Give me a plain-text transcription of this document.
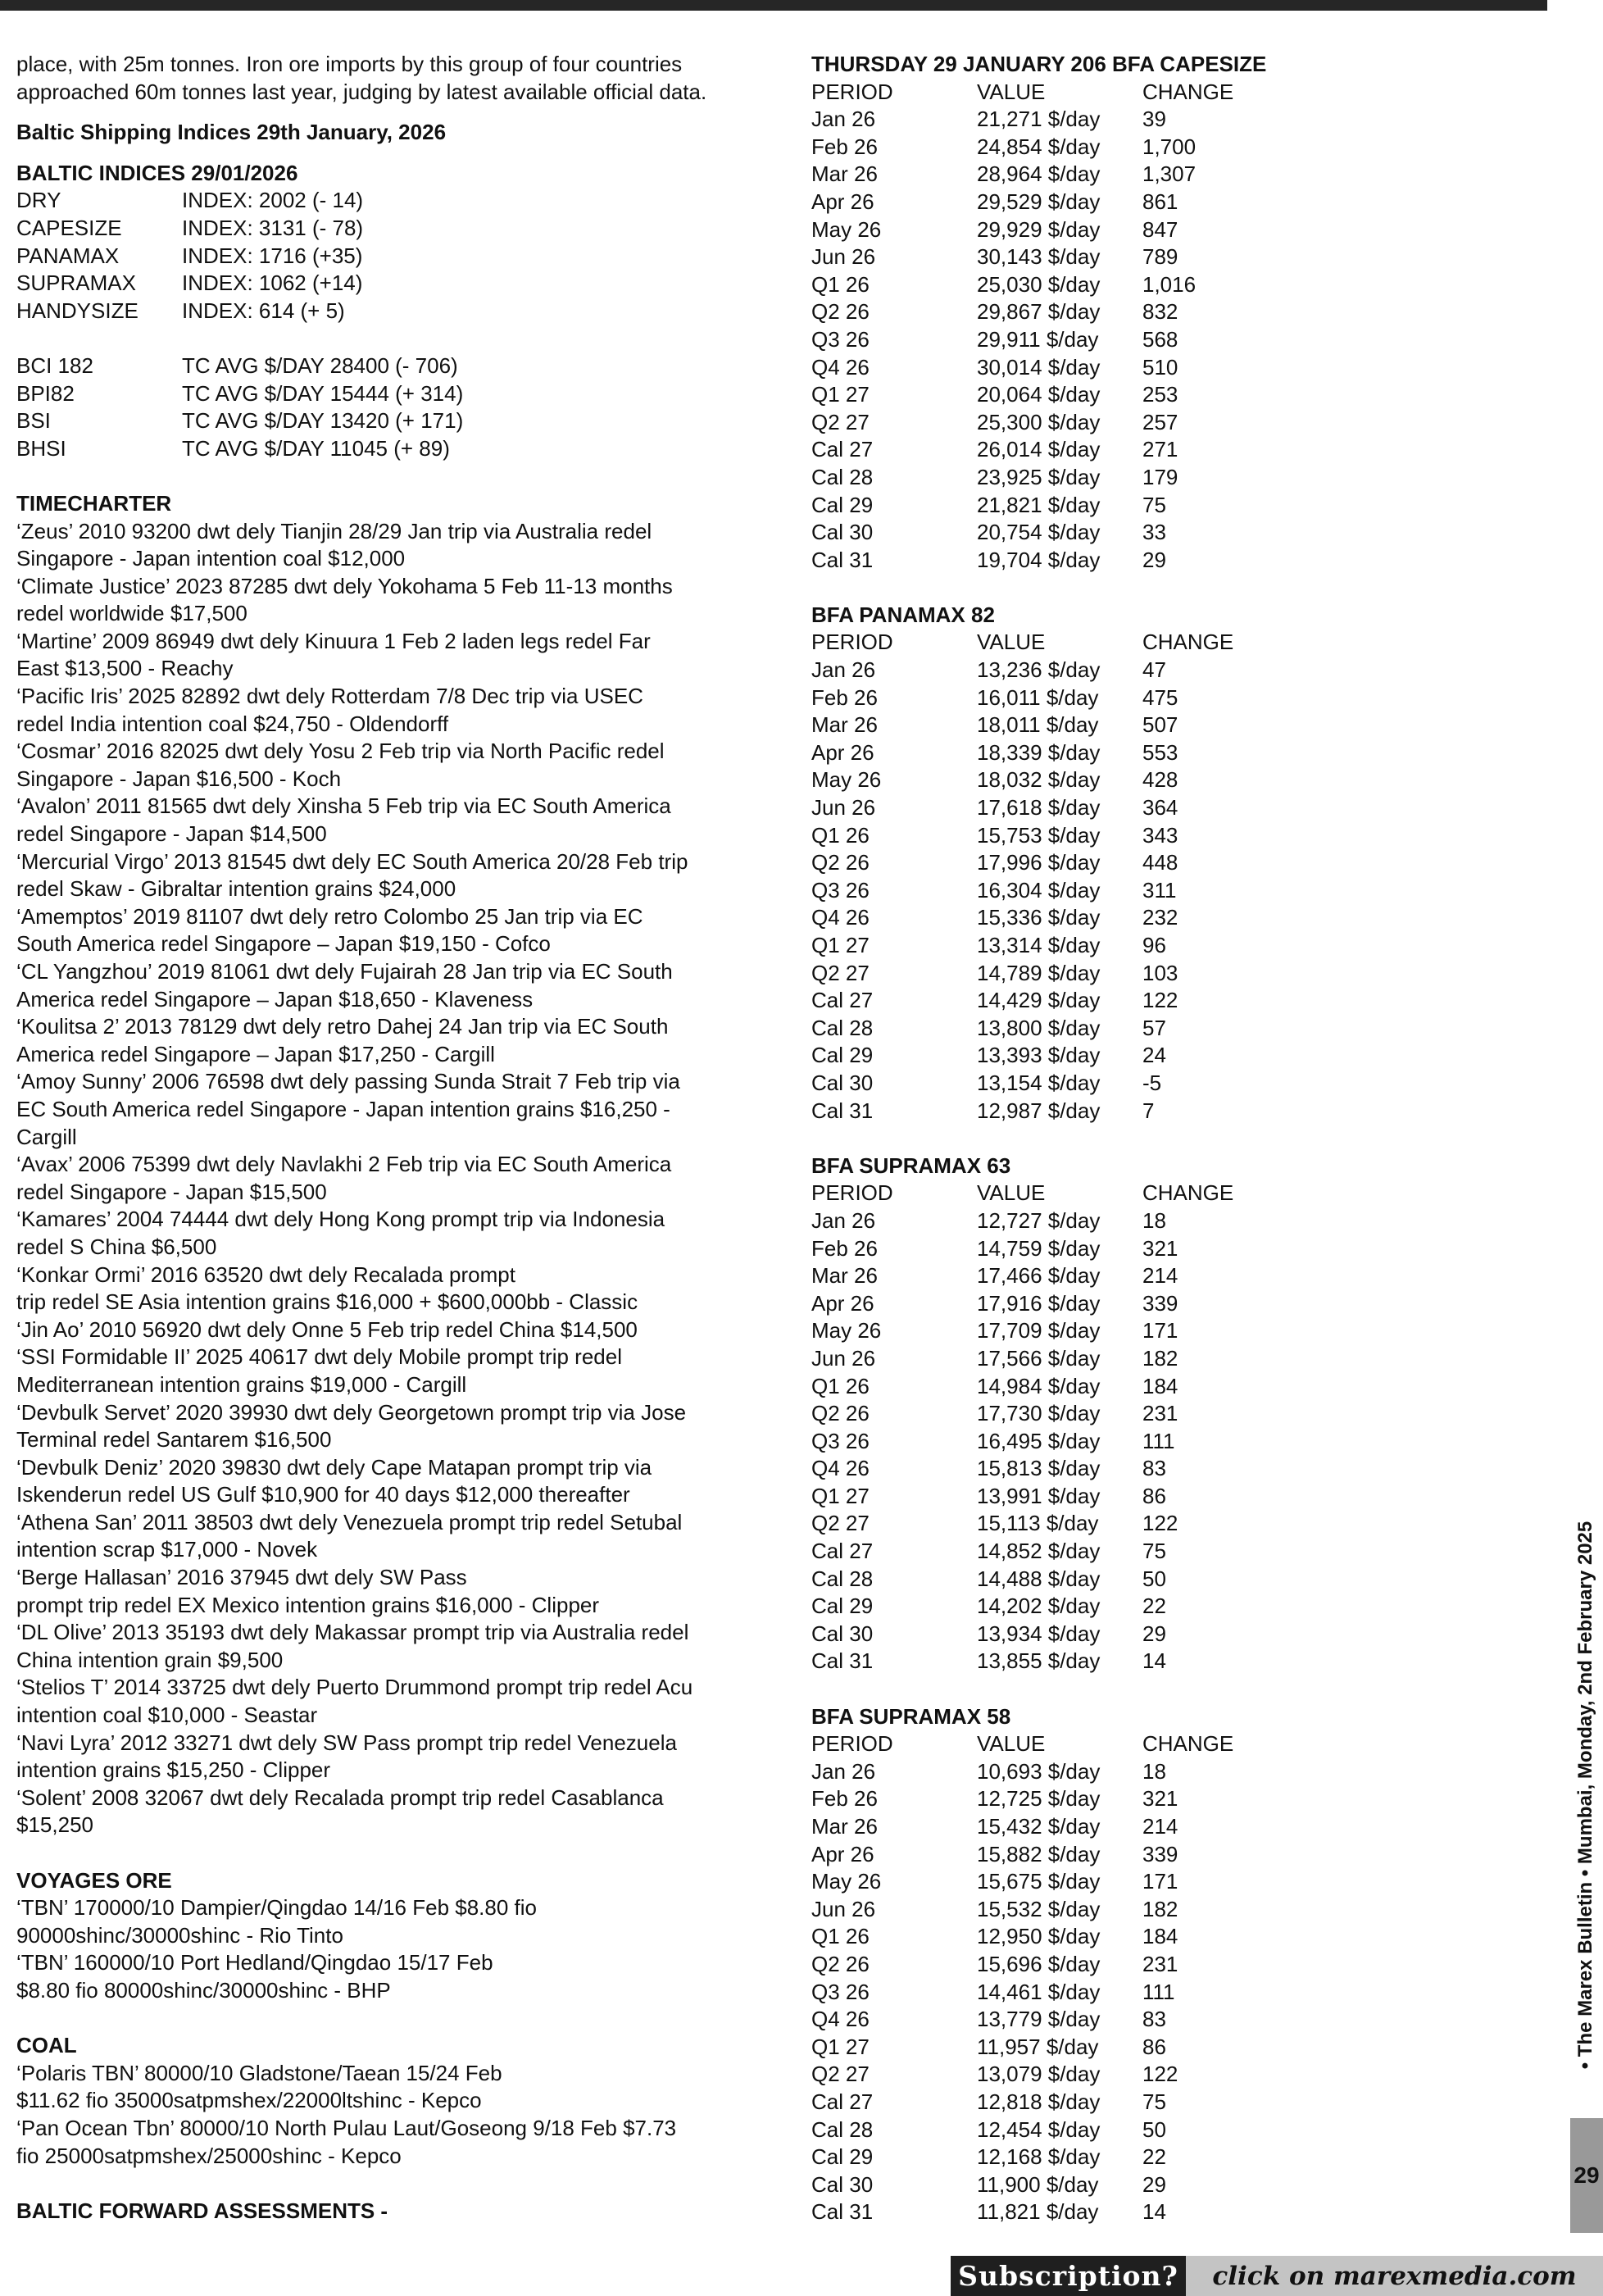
place, with 25m tonnes. Iron ore imports by this group of four countries

approached 60m tonnes last year, judging by latest available official data.

Baltic Shipping Indices 29th January, 2026

BALTIC INDICES 29/01/2026

DRY	INDEX: 2002 (- 14)
CAPESIZE	INDEX: 3131 (- 78)
PANAMAX	INDEX: 1716 (+35)
SUPRAMAX	INDEX: 1062 (+14)
HANDYSIZE	INDEX: 614 (+ 5)
BCI 182	TC AVG $/DAY 28400 (- 706)
BPI82	TC AVG $/DAY 15444 (+ 314)
BSI	TC AVG $/DAY 13420 (+ 171)
BHSI	TC AVG $/DAY 11045 (+ 89)

TIMECHARTER

‘Zeus’ 2010 93200 dwt dely Tianjin 28/29 Jan trip via Australia redel

Singapore - Japan intention coal $12,000

‘Climate Justice’ 2023 87285 dwt dely Yokohama 5 Feb 11-13 months

redel worldwide $17,500

‘Martine’ 2009 86949 dwt dely Kinuura 1 Feb 2 laden legs redel Far

East $13,500 - Reachy

‘Pacific Iris’ 2025 82892 dwt dely Rotterdam 7/8 Dec trip via USEC

redel India intention coal $24,750 - Oldendorff

‘Cosmar’ 2016 82025 dwt dely Yosu 2 Feb trip via North Pacific redel

Singapore - Japan $16,500 - Koch

‘Avalon’ 2011 81565 dwt dely Xinsha 5 Feb trip via EC South America

redel Singapore - Japan $14,500

‘Mercurial Virgo’ 2013 81545 dwt dely EC South America 20/28 Feb trip

redel Skaw - Gibraltar intention grains $24,000

‘Amemptos’ 2019 81107 dwt dely retro Colombo 25 Jan trip via EC

South America redel Singapore – Japan $19,150 - Cofco

‘CL Yangzhou’ 2019 81061 dwt dely Fujairah 28 Jan trip via EC South

America redel Singapore – Japan $18,650 - Klaveness

‘Koulitsa 2’ 2013 78129 dwt dely retro Dahej 24 Jan trip via EC South

America redel Singapore – Japan $17,250 - Cargill

‘Amoy Sunny’ 2006 76598 dwt dely passing Sunda Strait 7 Feb trip via

EC South America redel Singapore - Japan intention grains $16,250 -

Cargill

‘Avax’ 2006 75399 dwt dely Navlakhi 2 Feb trip via EC South America

redel Singapore - Japan $15,500

‘Kamares’ 2004 74444 dwt dely Hong Kong prompt trip via Indonesia

redel S China $6,500

‘Konkar Ormi’ 2016 63520 dwt dely Recalada prompt

trip redel SE Asia intention grains $16,000 + $600,000bb - Classic

‘Jin Ao’ 2010 56920 dwt dely Onne 5 Feb trip redel China $14,500

‘SSI Formidable II’ 2025 40617 dwt dely Mobile prompt trip redel

Mediterranean intention grains $19,000 - Cargill

‘Devbulk Servet’ 2020 39930 dwt dely Georgetown prompt trip via Jose

Terminal redel Santarem $16,500

‘Devbulk Deniz’ 2020 39830 dwt dely Cape Matapan prompt trip via

Iskenderun redel US Gulf $10,900 for 40 days $12,000 thereafter

‘Athena San’ 2011 38503 dwt dely Venezuela prompt trip redel Setubal

intention scrap $17,000 - Novek

‘Berge Hallasan’ 2016 37945 dwt dely SW Pass

prompt trip redel EX Mexico intention grains $16,000 - Clipper

‘DL Olive’ 2013 35193 dwt dely Makassar prompt trip via Australia redel

China intention grain $9,500

‘Stelios T’ 2014 33725 dwt dely Puerto Drummond prompt trip redel Acu

intention coal $10,000 - Seastar

‘Navi Lyra’ 2012 33271 dwt dely SW Pass prompt trip redel Venezuela

intention grains $15,250 - Clipper

‘Solent’ 2008 32067 dwt dely Recalada prompt trip redel Casablanca

$15,250

VOYAGES ORE

‘TBN’ 170000/10 Dampier/Qingdao 14/16 Feb $8.80 fio

90000shinc/30000shinc - Rio Tinto

‘TBN’ 160000/10 Port Hedland/Qingdao 15/17 Feb

$8.80 fio 80000shinc/30000shinc - BHP

COAL

‘Polaris TBN’ 80000/10 Gladstone/Taean 15/24 Feb

$11.62 fio 35000satpmshex/22000ltshinc - Kepco

‘Pan Ocean Tbn’ 80000/10 North Pulau Laut/Goseong 9/18 Feb $7.73

fio 25000satpmshex/25000shinc - Kepco

BALTIC FORWARD ASSESSMENTS -

THURSDAY 29 JANUARY 206 BFA CAPESIZE
PERIOD	VALUE	CHANGE
Jan 26	21,271 $/day	39
Feb 26	24,854 $/day	1,700
Mar 26	28,964 $/day	1,307
Apr 26	29,529 $/day	861
May 26	29,929 $/day	847
Jun 26	30,143 $/day	789
Q1 26	25,030 $/day	1,016
Q2 26	29,867 $/day	832
Q3 26	29,911 $/day	568
Q4 26	30,014 $/day	510
Q1 27	20,064 $/day	253
Q2 27	25,300 $/day	257
Cal 27	26,014 $/day	271
Cal 28	23,925 $/day	179
Cal 29	21,821 $/day	75
Cal 30	20,754 $/day	33
Cal 31	19,704 $/day	29
BFA PANAMAX 82
PERIOD	VALUE	CHANGE
Jan 26	13,236 $/day	47
Feb 26	16,011 $/day	475
Mar 26	18,011 $/day	507
Apr 26	18,339 $/day	553
May 26	18,032 $/day	428
Jun 26	17,618 $/day	364
Q1 26	15,753 $/day	343
Q2 26	17,996 $/day	448
Q3 26	16,304 $/day	311
Q4 26	15,336 $/day	232
Q1 27	13,314 $/day	96
Q2 27	14,789 $/day	103
Cal 27	14,429 $/day	122
Cal 28	13,800 $/day	57
Cal 29	13,393 $/day	24
Cal 30	13,154 $/day	-5
Cal 31	12,987 $/day	7
BFA SUPRAMAX 63
PERIOD	VALUE	CHANGE
Jan 26	12,727 $/day	18
Feb 26	14,759 $/day	321
Mar 26	17,466 $/day	214
Apr 26	17,916 $/day	339
May 26	17,709 $/day	171
Jun 26	17,566 $/day	182
Q1 26	14,984 $/day	184
Q2 26	17,730 $/day	231
Q3 26	16,495 $/day	111
Q4 26	15,813 $/day	83
Q1 27	13,991 $/day	86
Q2 27	15,113 $/day	122
Cal 27	14,852 $/day	75
Cal 28	14,488 $/day	50
Cal 29	14,202 $/day	22
Cal 30	13,934 $/day	29
Cal 31	13,855 $/day	14
BFA SUPRAMAX 58
PERIOD	VALUE	CHANGE
Jan 26	10,693 $/day	18
Feb 26	12,725 $/day	321
Mar 26	15,432 $/day	214
Apr 26	15,882 $/day	339
May 26	15,675 $/day	171
Jun 26	15,532 $/day	182
Q1 26	12,950 $/day	184
Q2 26	15,696 $/day	231
Q3 26	14,461 $/day	111
Q4 26	13,779 $/day	83
Q1 27	11,957 $/day	86
Q2 27	13,079 $/day	122
Cal 27	12,818 $/day	75
Cal 28	12,454 $/day	50
Cal 29	12,168 $/day	22
Cal 30	11,900 $/day	29
Cal 31	11,821 $/day	14
• The Marex Bulletin • Mumbai, Monday, 2nd February 2025
29
Subscription?	click on marexmedia.com
